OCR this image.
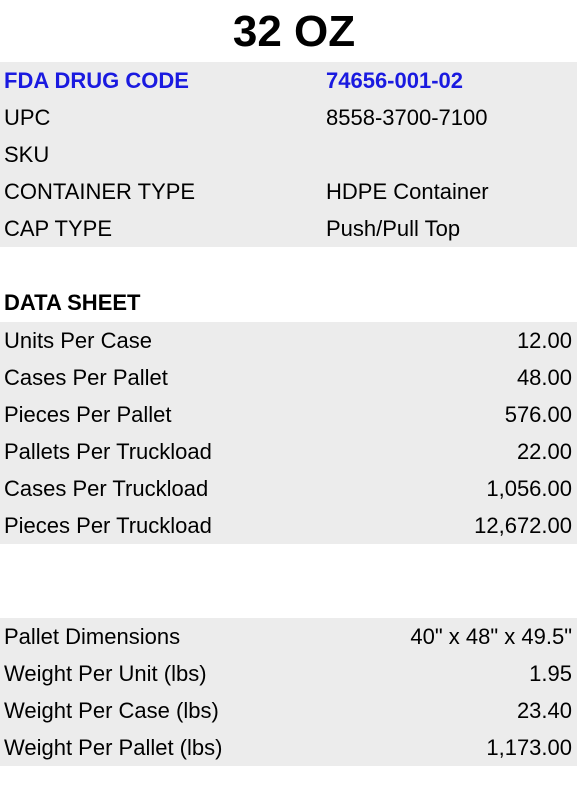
32 OZ
FDA DRUG CODE	74656-001-02
UPC	8558-3700-7100
SKU
CONTAINER TYPE	HDPE Container
CAP TYPE	Push/Pull Top
DATA SHEET
Units Per Case	12.00
Cases Per Pallet	48.00
Pieces Per Pallet	576.00
Pallets Per Truckload	22.00
Cases Per Truckload	1,056.00
Pieces Per Truckload	12,672.00
Pallet Dimensions	40" x 48" x 49.5"
Weight Per Unit (lbs)	1.95
Weight Per Case (lbs)	23.40
Weight Per Pallet (lbs)	1,173.00
